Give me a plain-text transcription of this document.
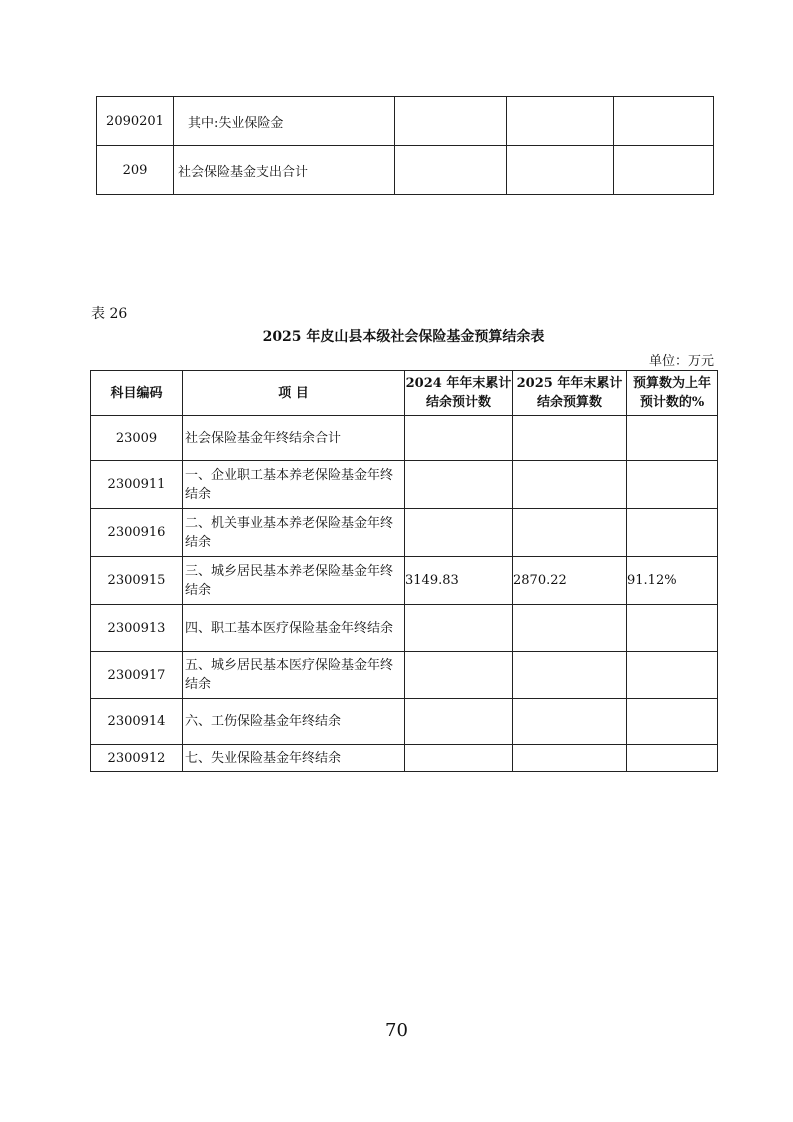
2090201	其中:失业保险金			
209	社会保险基金支出合计			
表 26
2025 年皮山县本级社会保险基金预算结余表
单位：万元
科目编码	项 目	2024 年年末累计结余预计数	2025 年年末累计结余预算数	预算数为上年预计数的%
23009	社会保险基金年终结余合计			
2300911	一、企业职工基本养老保险基金年终结余			
2300916	二、机关事业基本养老保险基金年终结余			
2300915	三、城乡居民基本养老保险基金年终结余	3149.83	2870.22	91.12%
2300913	四、职工基本医疗保险基金年终结余			
2300917	五、城乡居民基本医疗保险基金年终结余			
2300914	六、工伤保险基金年终结余			
2300912	七、失业保险基金年终结余			
70
